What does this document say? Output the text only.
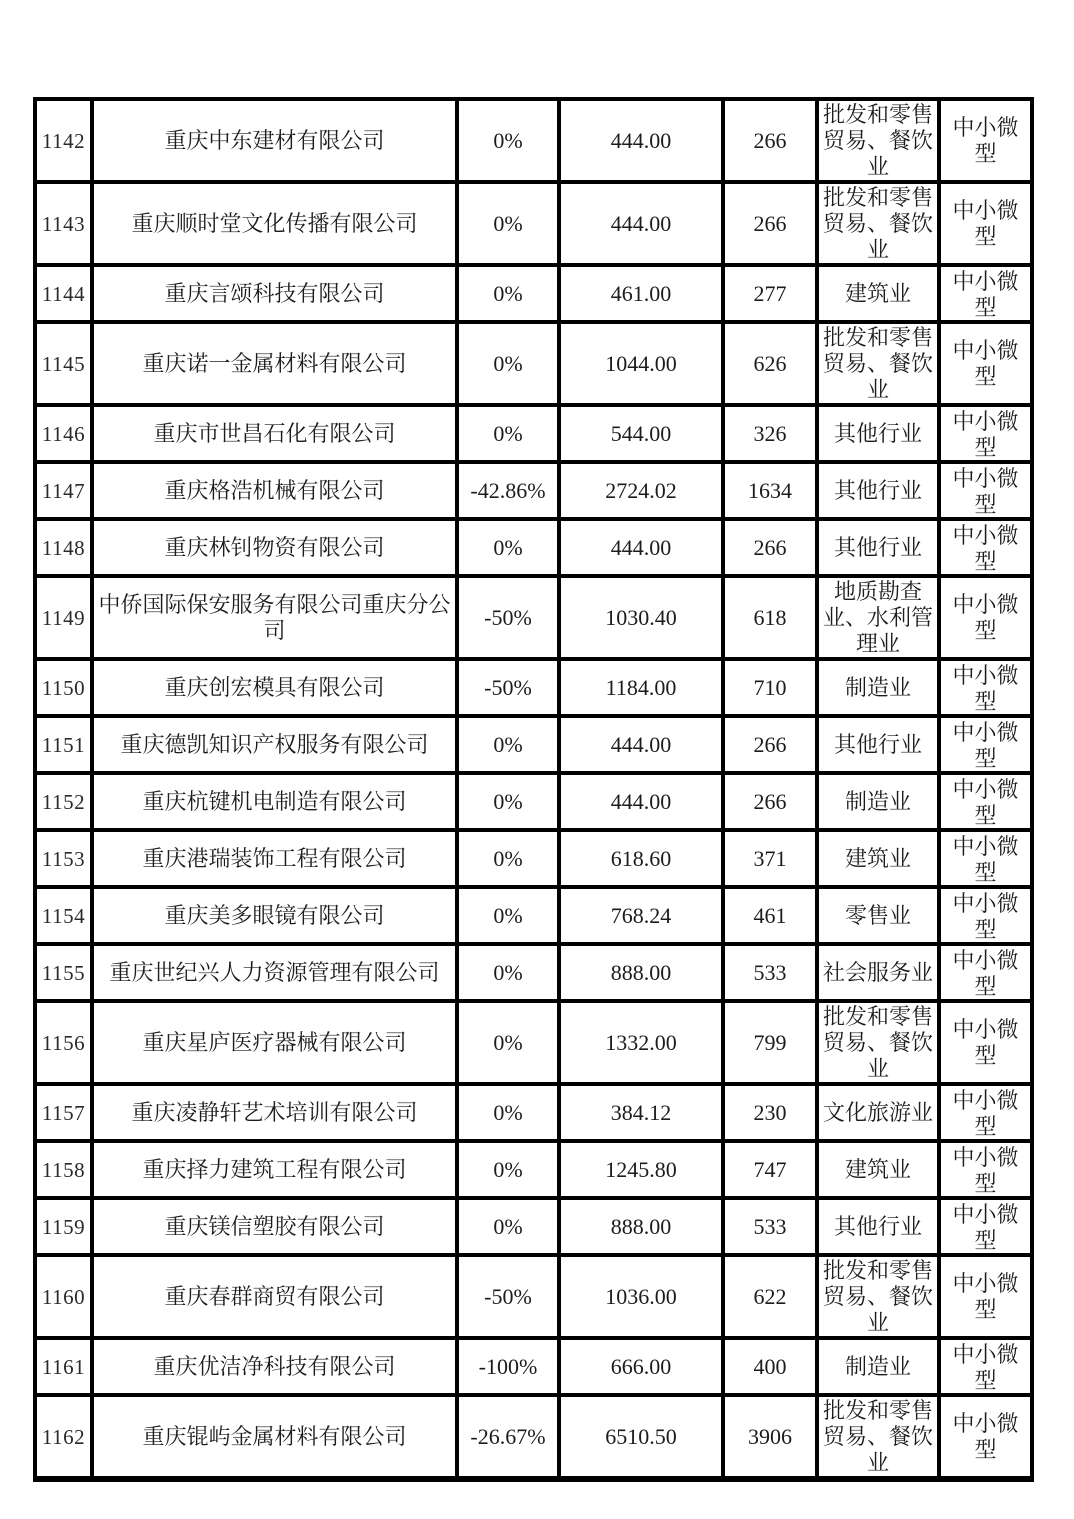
1142	重庆中东建材有限公司	0%	444.00	266	批发和零售贸易、餐饮业	中小微型

1143	重庆顺时堂文化传播有限公司	0%	444.00	266	批发和零售贸易、餐饮业	中小微型

1144	重庆言颂科技有限公司	0%	461.00	277	建筑业	中小微型

1145	重庆诺一金属材料有限公司	0%	1044.00	626	批发和零售贸易、餐饮业	中小微型

1146	重庆市世昌石化有限公司	0%	544.00	326	其他行业	中小微型

1147	重庆格浩机械有限公司	-42.86%	2724.02	1634	其他行业	中小微型

1148	重庆林钊物资有限公司	0%	444.00	266	其他行业	中小微型

1149	中侨国际保安服务有限公司重庆分公司	-50%	1030.40	618	地质勘查业、水利管理业	中小微型

1150	重庆创宏模具有限公司	-50%	1184.00	710	制造业	中小微型

1151	重庆德凯知识产权服务有限公司	0%	444.00	266	其他行业	中小微型

1152	重庆杭键机电制造有限公司	0%	444.00	266	制造业	中小微型

1153	重庆港瑞装饰工程有限公司	0%	618.60	371	建筑业	中小微型

1154	重庆美多眼镜有限公司	0%	768.24	461	零售业	中小微型

1155	重庆世纪兴人力资源管理有限公司	0%	888.00	533	社会服务业	中小微型

1156	重庆星庐医疗器械有限公司	0%	1332.00	799	批发和零售贸易、餐饮业	中小微型

1157	重庆凌静轩艺术培训有限公司	0%	384.12	230	文化旅游业	中小微型

1158	重庆择力建筑工程有限公司	0%	1245.80	747	建筑业	中小微型

1159	重庆镁信塑胶有限公司	0%	888.00	533	其他行业	中小微型

1160	重庆春群商贸有限公司	-50%	1036.00	622	批发和零售贸易、餐饮业	中小微型

1161	重庆优洁净科技有限公司	-100%	666.00	400	制造业	中小微型

1162	重庆锟屿金属材料有限公司	-26.67%	6510.50	3906	批发和零售贸易、餐饮业	中小微型
